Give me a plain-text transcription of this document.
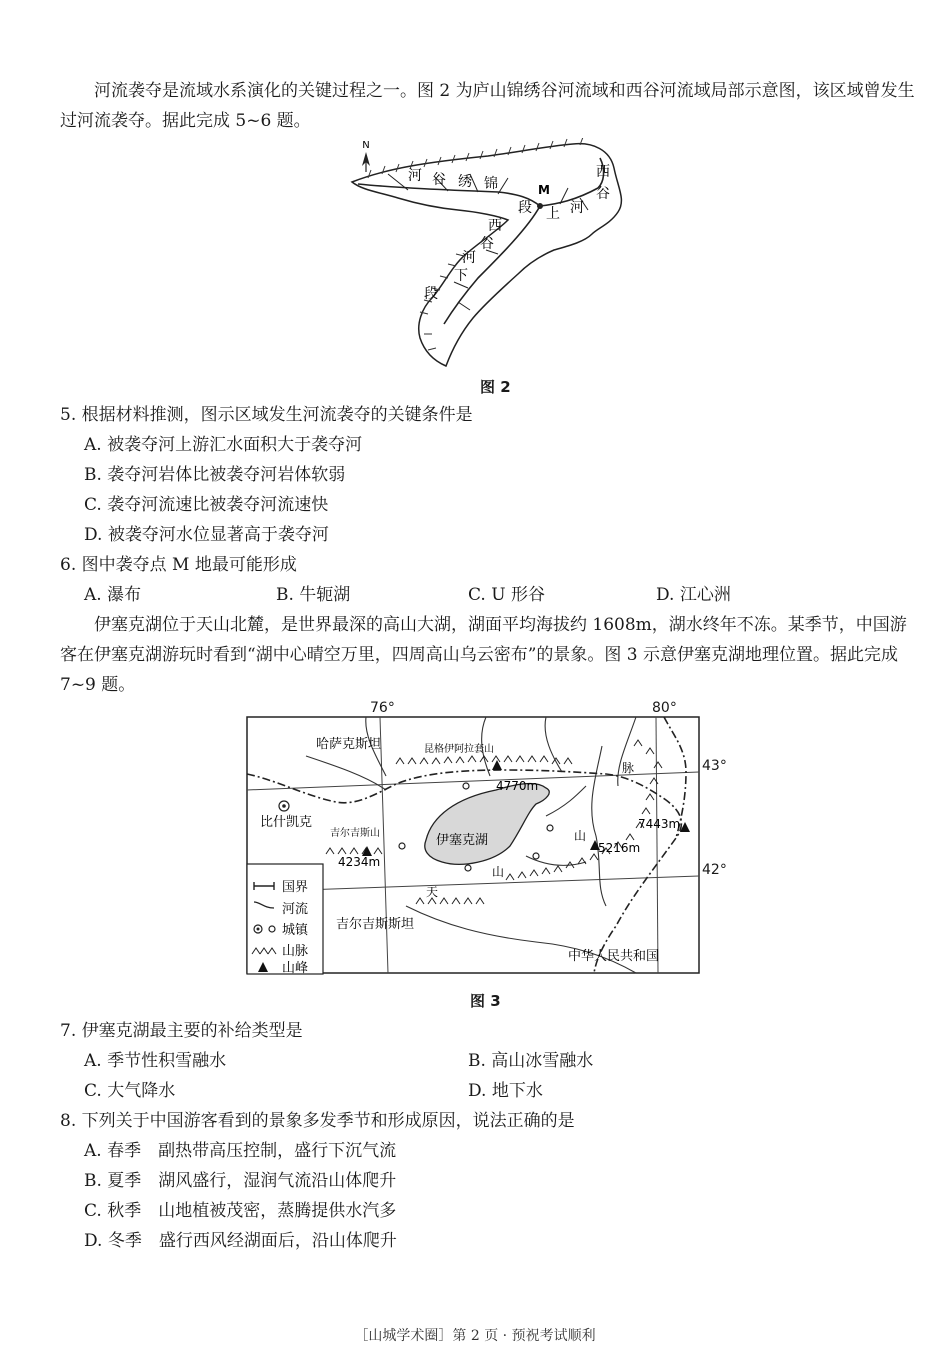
河流袭夺是流域水系演化的关键过程之一。图 2 为庐山锦绣谷河流域和西谷河流域局部示意图，该区域曾发生过河流袭夺。据此完成 5~6 题。

N
河 谷 绣 锦	M
段 上 河
西
谷
西
谷
河
下
段
图 2

5. 根据材料推测，图示区域发生河流袭夺的关键条件是

A. 被袭夺河上游汇水面积大于袭夺河
B. 袭夺河岩体比被袭夺河岩体软弱
C. 袭夺河流速比被袭夺河流速快
D. 被袭夺河水位显著高于袭夺河

6. 图中袭夺点 M 地最可能形成

A. 瀑布	B. 牛轭湖	C. U 形谷	D. 江心洲

伊塞克湖位于天山北麓，是世界最深的高山大湖，湖面平均海拔约 1608m，湖水终年不冻。某季节，中国游客在伊塞克湖游玩时看到“湖中心晴空万里，四周高山乌云密布”的景象。图 3 示意伊塞克湖地理位置。据此完成 7~9 题。

76°	80°
哈萨克斯坦	昆格伊阿拉套山
4770m
比什凯克
吉尔吉斯山
4234m
伊塞克湖	山
5216m
脉
7443m
天
山
吉尔吉斯斯坦
中华人民共和国
国界
河流
城镇
山脉
山峰
43°
42°
图 3

7. 伊塞克湖最主要的补给类型是

A. 季节性积雪融水	B. 高山冰雪融水
C. 大气降水	D. 地下水

8. 下列关于中国游客看到的景象多发季节和形成原因，说法正确的是

A. 春季　副热带高压控制，盛行下沉气流
B. 夏季　湖风盛行，湿润气流沿山体爬升
C. 秋季　山地植被茂密，蒸腾提供水汽多
D. 冬季　盛行西风经湖面后，沿山体爬升
［山城学术圈］第 2 页 · 预祝考试顺利
